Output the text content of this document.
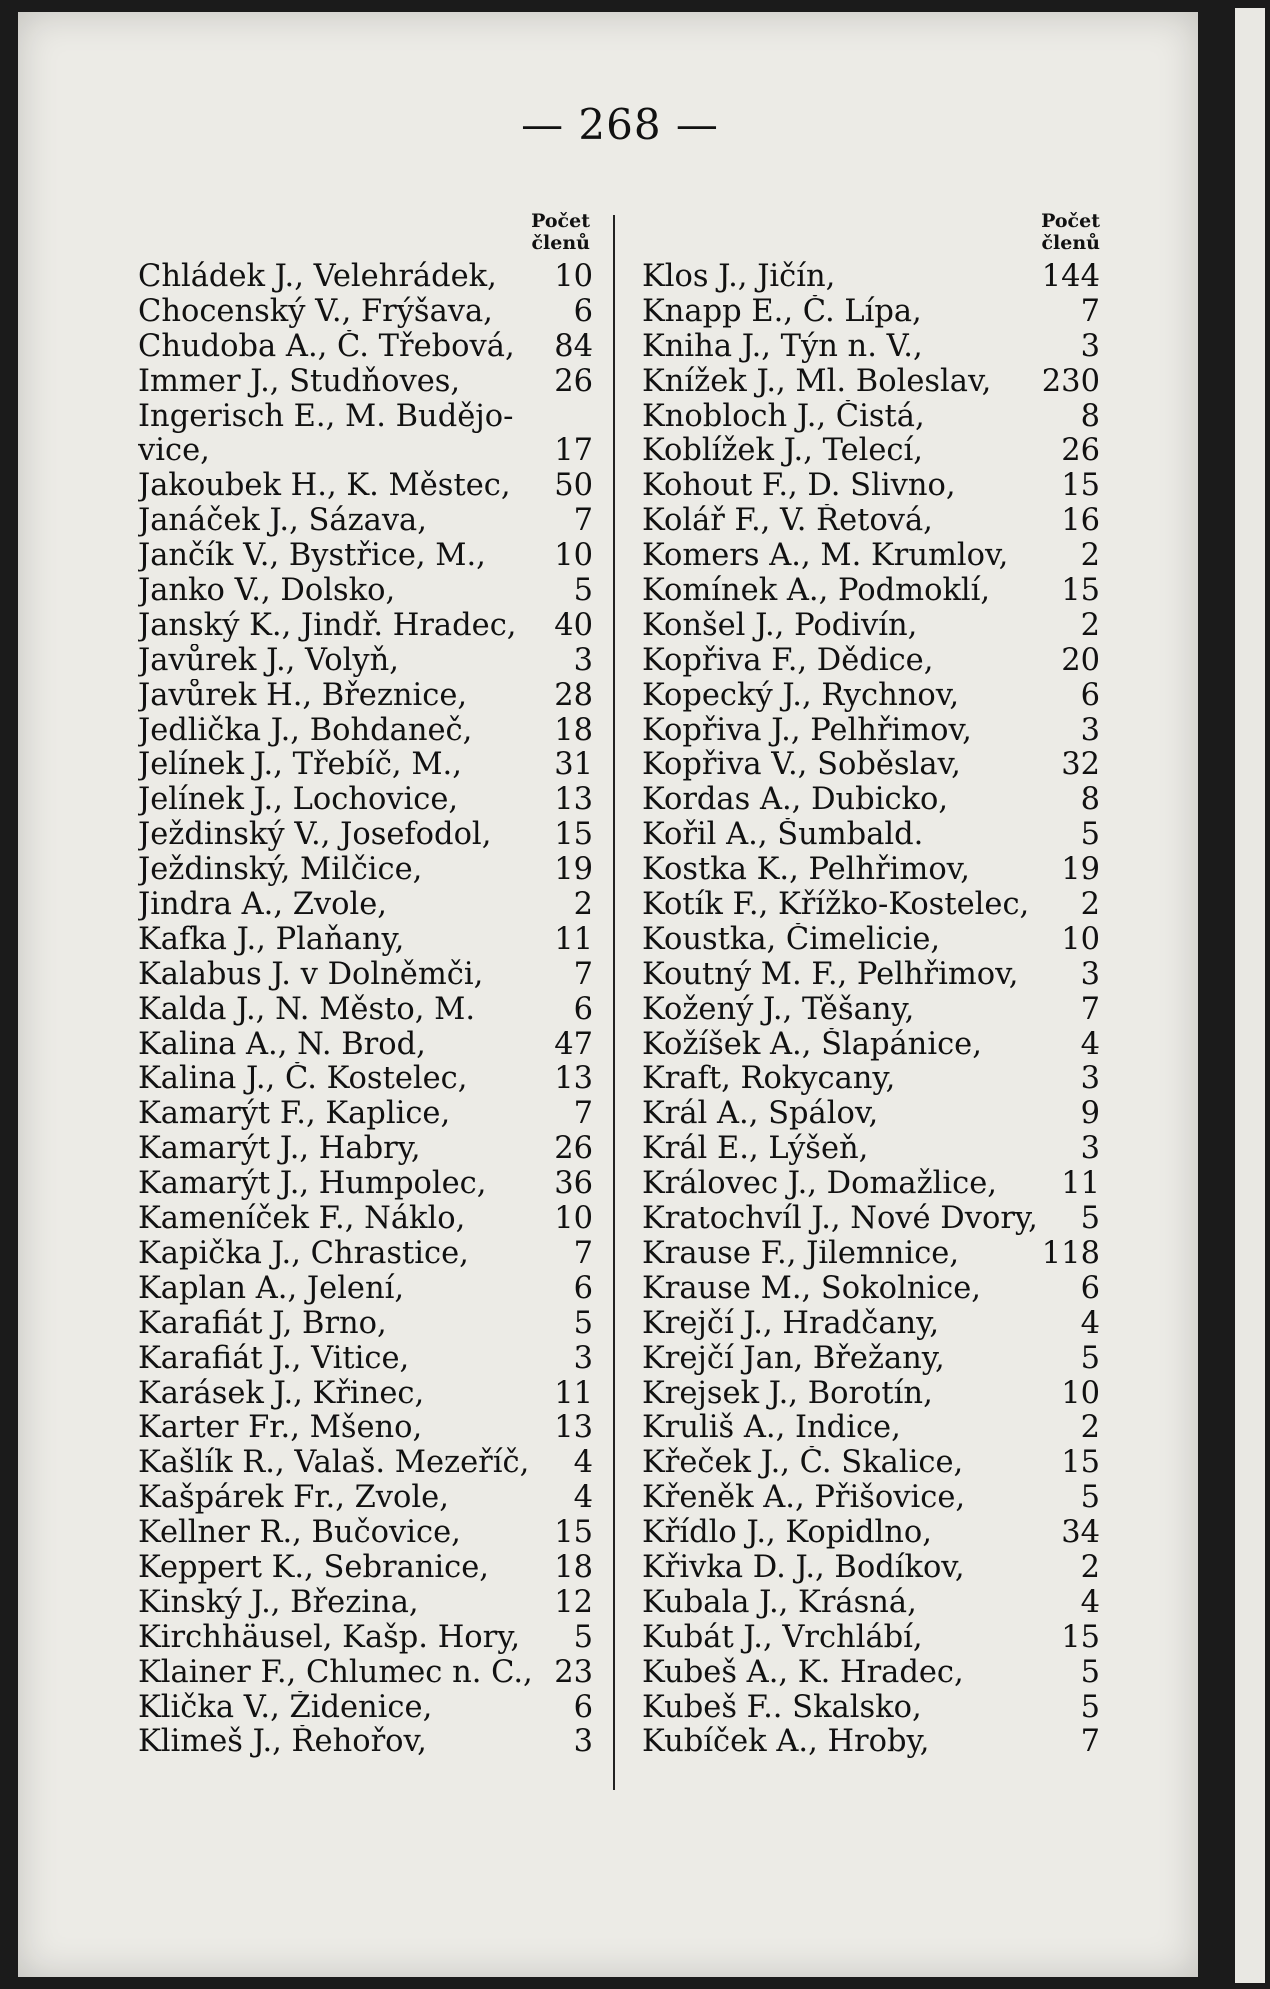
— 268 —
Počet
členů
Počet
členů
Chládek J., Velehrádek, 10
Chocenský V., Frýšava,	6
Chudoba A., Č. Třebová, 84
Immer J., Studňoves,	26
Ingerisch E., M. Budějo-
vice,	17
Jakoubek H., K. Městec, 50
Janáček J., Sázava,	7
Jančík V., Bystřice, M., 10
Janko V., Dolsko,	5
Janský K., Jindř. Hradec, 40
Javůrek J., Volyň,	3
Javůrek H., Březnice,	28
Jedlička J., Bohdaneč,	18
Jelínek J., Třebíč, M.,	31
Jelínek J., Lochovice,	13
Ježdinský V., Josefodol, 15
Ježdinský, Milčice,	19
Jindra A., Zvole,	2
Kafka J., Plaňany,	11
Kalabus J. v Dolněmči,	7
Kalda J., N. Město, M.	6
Kalina A., N. Brod,	47
Kalina J., Č. Kostelec,	13
Kamarýt F., Kaplice,	7
Kamarýt J., Habry,	26
Kamarýt J., Humpolec, 36
Kameníček F., Náklo,	10
Kapička J., Chrastice,	7
Kaplan A., Jelení,	6
Karafiát J, Brno,	5
Karafiát J., Vitice,	3
Karásek J., Křinec,	11
Karter Fr., Mšeno,	13
Kašlík R., Valaš. Mezeříč,	4
Kašpárek Fr., Zvole,	4
Kellner R., Bučovice,	15
Keppert K., Sebranice, 18
Kinský J., Březina,	12
Kirchhäusel, Kašp. Hory,	5
Klainer F., Chlumec n. C., 23
Klička V., Židenice,	6
Klimeš J., Řehořov,	3
Klos J., Jičín,	144
Knapp E., Č. Lípa,	7
Kniha J., Týn n. V.,	3
Knížek J., Ml. Boleslav, 230
Knobloch J., Čistá,	8
Koblížek J., Telecí,	26
Kohout F., D. Slivno,	15
Kolář F., V. Řetová,	16
Komers A., M. Krumlov,	2
Komínek A., Podmoklí, 15
Konšel J., Podivín,	2
Kopřiva F., Dědice,	20
Kopecký J., Rychnov,	6
Kopřiva J., Pelhřimov,	3
Kopřiva V., Soběslav,	32
Kordas A., Dubicko,	8
Kořil A., Šumbald.	5
Kostka K., Pelhřimov,	19
Kotík F., Křížko-Kostelec,	2
Koustka, Čimelicie,	10
Koutný M. F., Pelhřimov,	3
Kožený J., Těšany,	7
Kožíšek A., Šlapánice,	4
Kraft, Rokycany,	3
Král A., Spálov,	9
Král E., Lýšeň,	3
Královec J., Domažlice, 11
Kratochvíl J., Nové Dvory,	5
Krause F., Jilemnice,	118
Krause M., Sokolnice,	6
Krejčí J., Hradčany,	4
Krejčí Jan, Břežany,	5
Krejsek J., Borotín,	10
Kruliš A., Indice,	2
Křeček J., Č. Skalice,	15
Křeněk A., Přišovice,	5
Křídlo J., Kopidlno,	34
Křivka D. J., Bodíkov,	2
Kubala J., Krásná,	4
Kubát J., Vrchlábí,	15
Kubeš A., K. Hradec,	5
Kubeš F.. Skalsko,	5
Kubíček A., Hroby,	7
